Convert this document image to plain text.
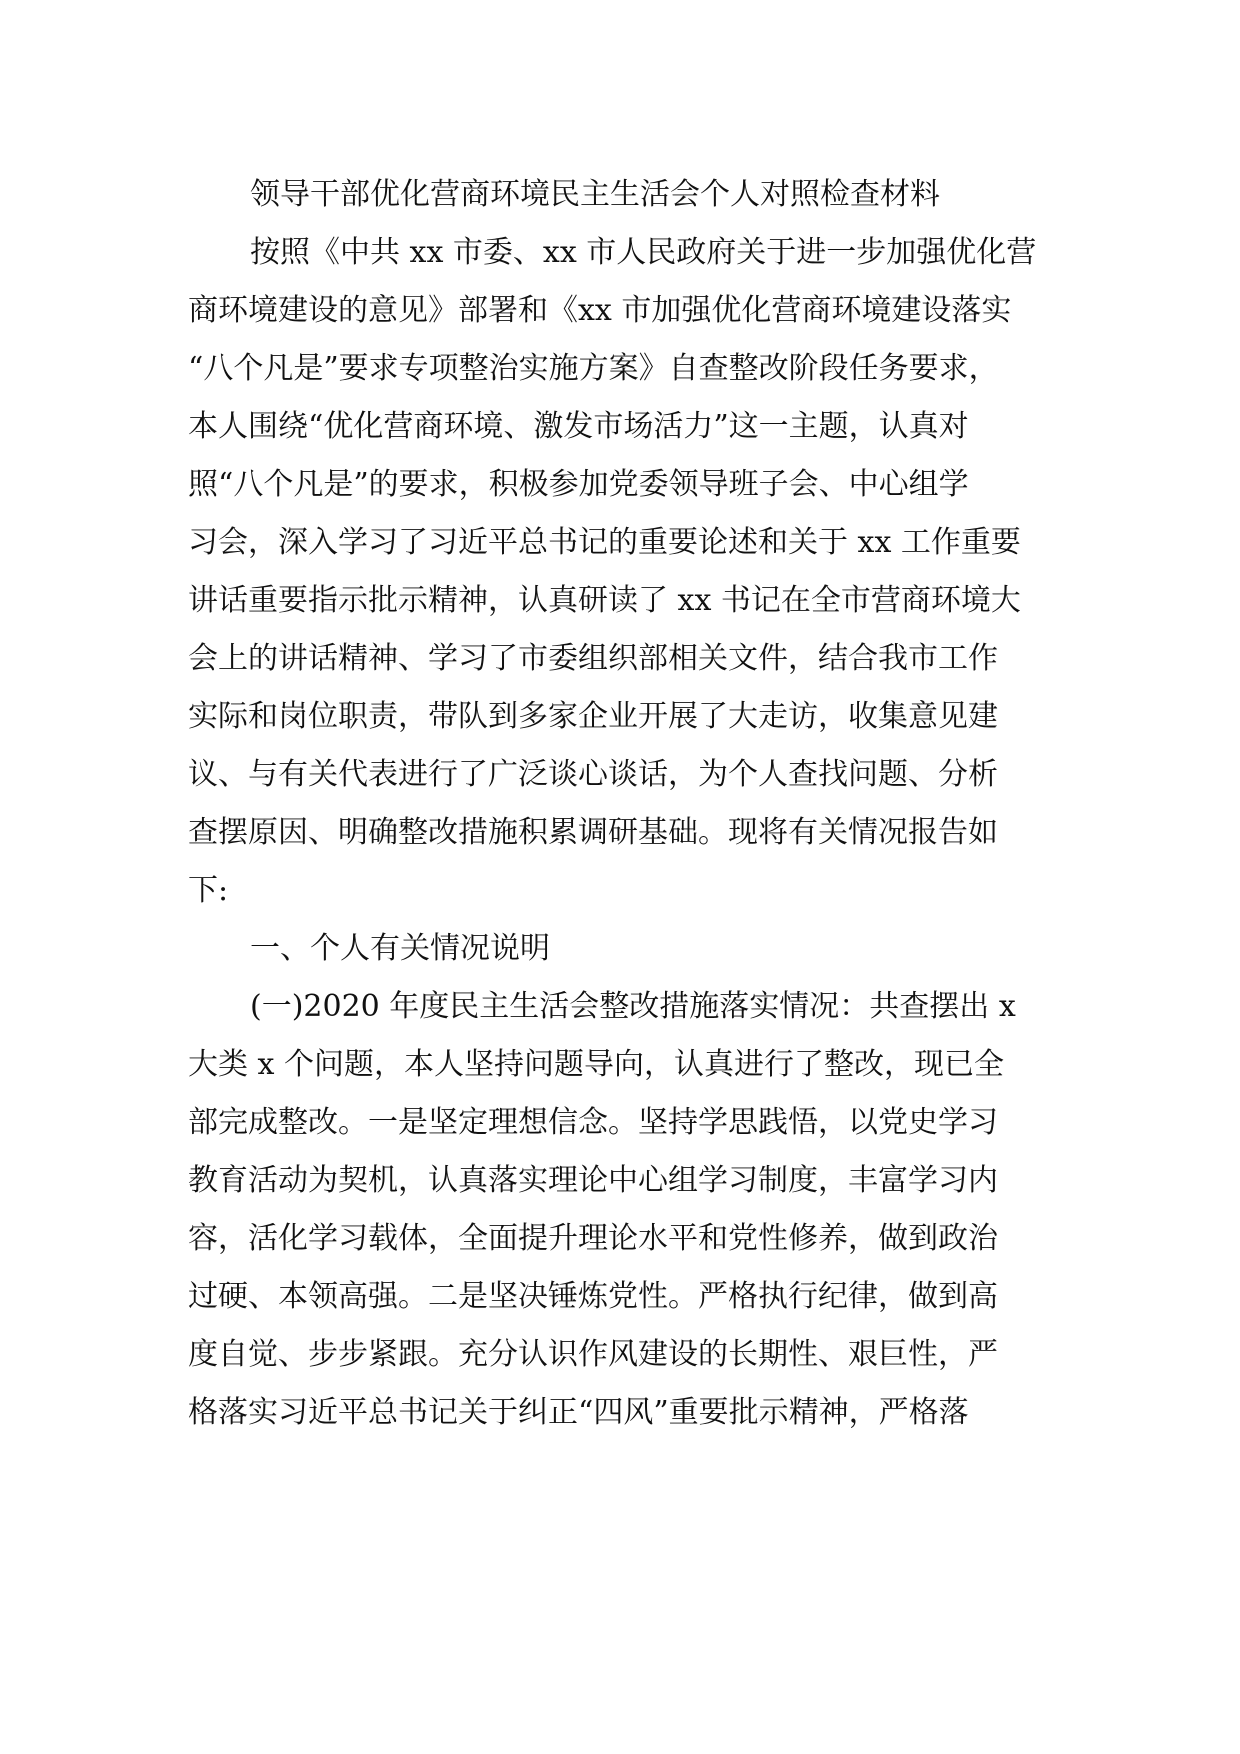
领导干部优化营商环境民主生活会个人对照检查材料
按照《中共 xx 市委、xx 市人民政府关于进一步加强优化营
商环境建设的意见》部署和《xx 市加强优化营商环境建设落实
“八个凡是”要求专项整治实施方案》自查整改阶段任务要求，
本人围绕“优化营商环境、激发市场活力”这一主题，认真对
照“八个凡是”的要求，积极参加党委领导班子会、中心组学
习会，深入学习了习近平总书记的重要论述和关于 xx 工作重要
讲话重要指示批示精神，认真研读了 xx 书记在全市营商环境大
会上的讲话精神、学习了市委组织部相关文件，结合我市工作
实际和岗位职责，带队到多家企业开展了大走访，收集意见建
议、与有关代表进行了广泛谈心谈话，为个人查找问题、分析
查摆原因、明确整改措施积累调研基础。现将有关情况报告如
下:
一、个人有关情况说明
(一)2020 年度民主生活会整改措施落实情况：共查摆出 x
大类 x 个问题，本人坚持问题导向，认真进行了整改，现已全
部完成整改。一是坚定理想信念。坚持学思践悟，以党史学习
教育活动为契机，认真落实理论中心组学习制度，丰富学习内
容，活化学习载体，全面提升理论水平和党性修养，做到政治
过硬、本领高强。二是坚决锤炼党性。严格执行纪律，做到高
度自觉、步步紧跟。充分认识作风建设的长期性、艰巨性，严
格落实习近平总书记关于纠正“四风”重要批示精神，严格落
